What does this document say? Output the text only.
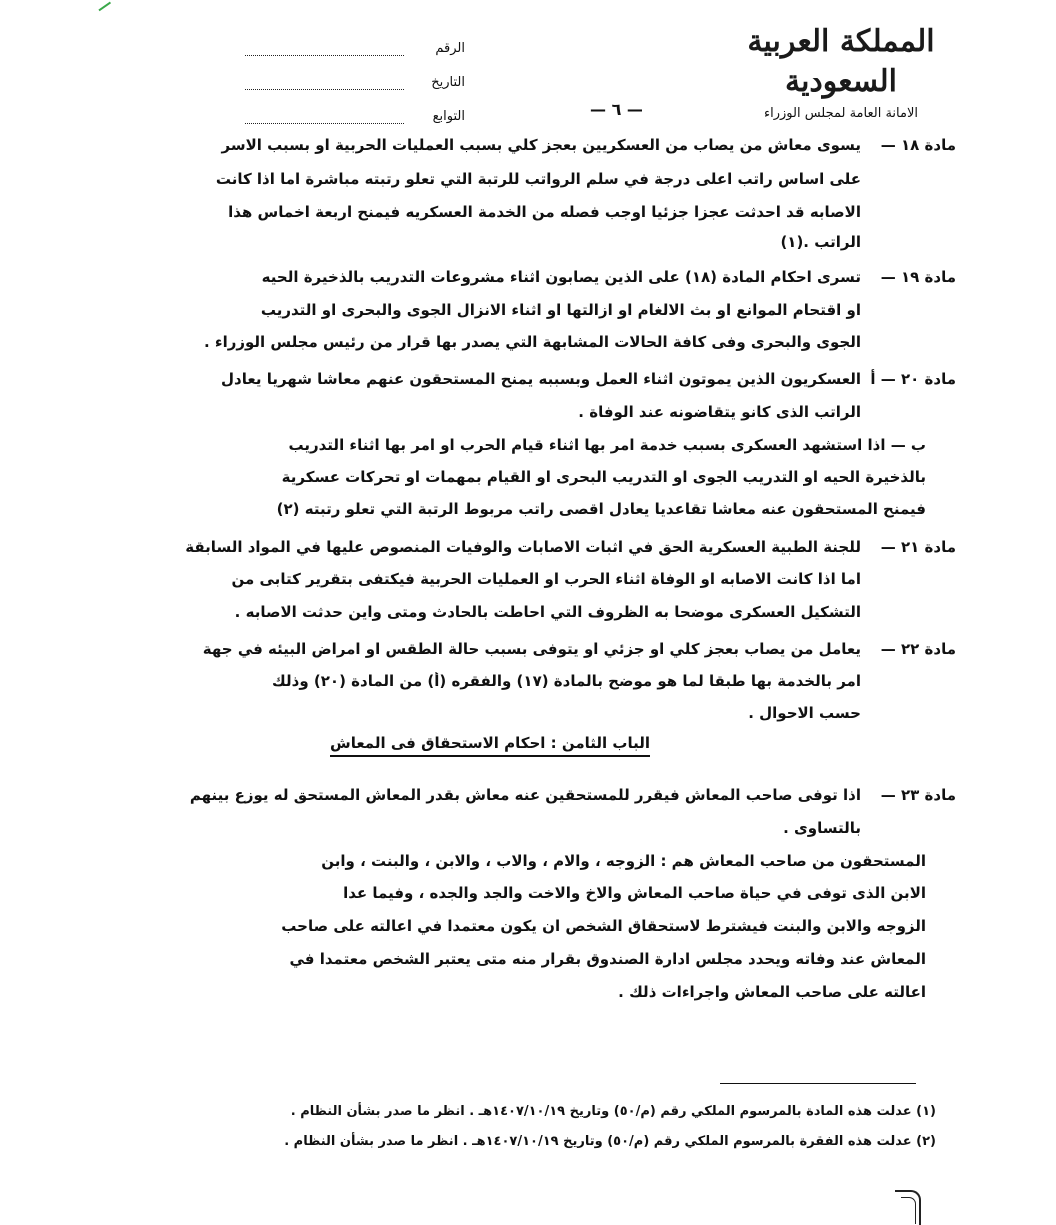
المملكة العربية السعودية
الامانة العامة لمجلس الوزراء
الرقم
التاريخ
التوابع	— ٦ —
مادة ١٨ —
يسوى معاش من يصاب من العسكريين بعجز كلي بسبب العمليات الحربية او بسبب الاسر
على اساس راتب اعلى درجة في سلم الرواتب للرتبة التي تعلو رتبته مباشرة اما اذا كانت
الاصابه قد احدثت عجزا جزئيا اوجب فصله من الخدمة العسكريه فيمنح اربعة اخماس هذا
الراتب .(١)
مادة ١٩ —
تسرى احكام المادة (١٨) على الذين يصابون اثناء مشروعات التدريب بالذخيرة الحيه
او اقتحام الموانع او بث الالغام او ازالتها او اثناء الانزال الجوى والبحرى او التدريب
الجوى والبحرى وفى كافة الحالات المشابهة التي يصدر بها قرار من رئيس مجلس الوزراء .
مادة ٢٠ — أ
العسكريون الذين يموتون اثناء العمل وبسببه يمنح المستحقون عنهم معاشا شهريا يعادل
الراتب الذى كانو يتقاضونه عند الوفاة .
ب — اذا استشهد العسكرى بسبب خدمة امر بها اثناء قيام الحرب او امر بها اثناء التدريب
بالذخيرة الحيه او التدريب الجوى او التدريب البحرى او القيام بمهمات او تحركات عسكرية
فيمنح المستحقون عنه معاشا تقاعديا يعادل اقصى راتب مربوط الرتبة التي تعلو رتبته (٢)
مادة ٢١ —
للجنة الطبية العسكرية الحق في اثبات الاصابات والوفيات المنصوص عليها في المواد السابقة
اما اذا كانت الاصابه او الوفاة اثناء الحرب او العمليات الحربية فيكتفى بتقرير كتابى من
التشكيل العسكرى موضحا به الظروف التي احاطت بالحادث ومتى واين حدثت الاصابه .
مادة ٢٢ —
يعامل من يصاب بعجز كلي او جزئي او يتوفى بسبب حالة الطقس او امراض البيئه في جهة
امر بالخدمة بها طبقا لما هو موضح بالمادة (١٧) والفقره (أ) من المادة (٢٠) وذلك
حسب الاحوال .
الباب الثامن : احكام الاستحقاق فى المعاش
مادة ٢٣ —
اذا توفى صاحب المعاش فيقرر للمستحقين عنه معاش بقدر المعاش المستحق له يوزع بينهم
بالتساوى .
المستحقون من صاحب المعاش هم : الزوجه ، والام ، والاب ، والابن ، والبنت ، وابن
الابن الذى توفى في حياة صاحب المعاش والاخ والاخت والجد والجده ، وفيما عدا
الزوجه والابن والبنت فيشترط لاستحقاق الشخص ان يكون معتمدا في اعالته على صاحب
المعاش عند وفاته ويحدد مجلس ادارة الصندوق بقرار منه متى يعتبر الشخص معتمدا في
اعالته على صاحب المعاش واجراءات ذلك .
(١) عدلت هذه المادة بالمرسوم الملكي رقم (م/٥٠) وتاريخ ١٤٠٧/١٠/١٩هـ . انظر ما صدر بشأن النظام .
(٢) عدلت هذه الفقرة بالمرسوم الملكي رقم (م/٥٠) وتاريخ ١٤٠٧/١٠/١٩هـ . انظر ما صدر بشأن النظام .
